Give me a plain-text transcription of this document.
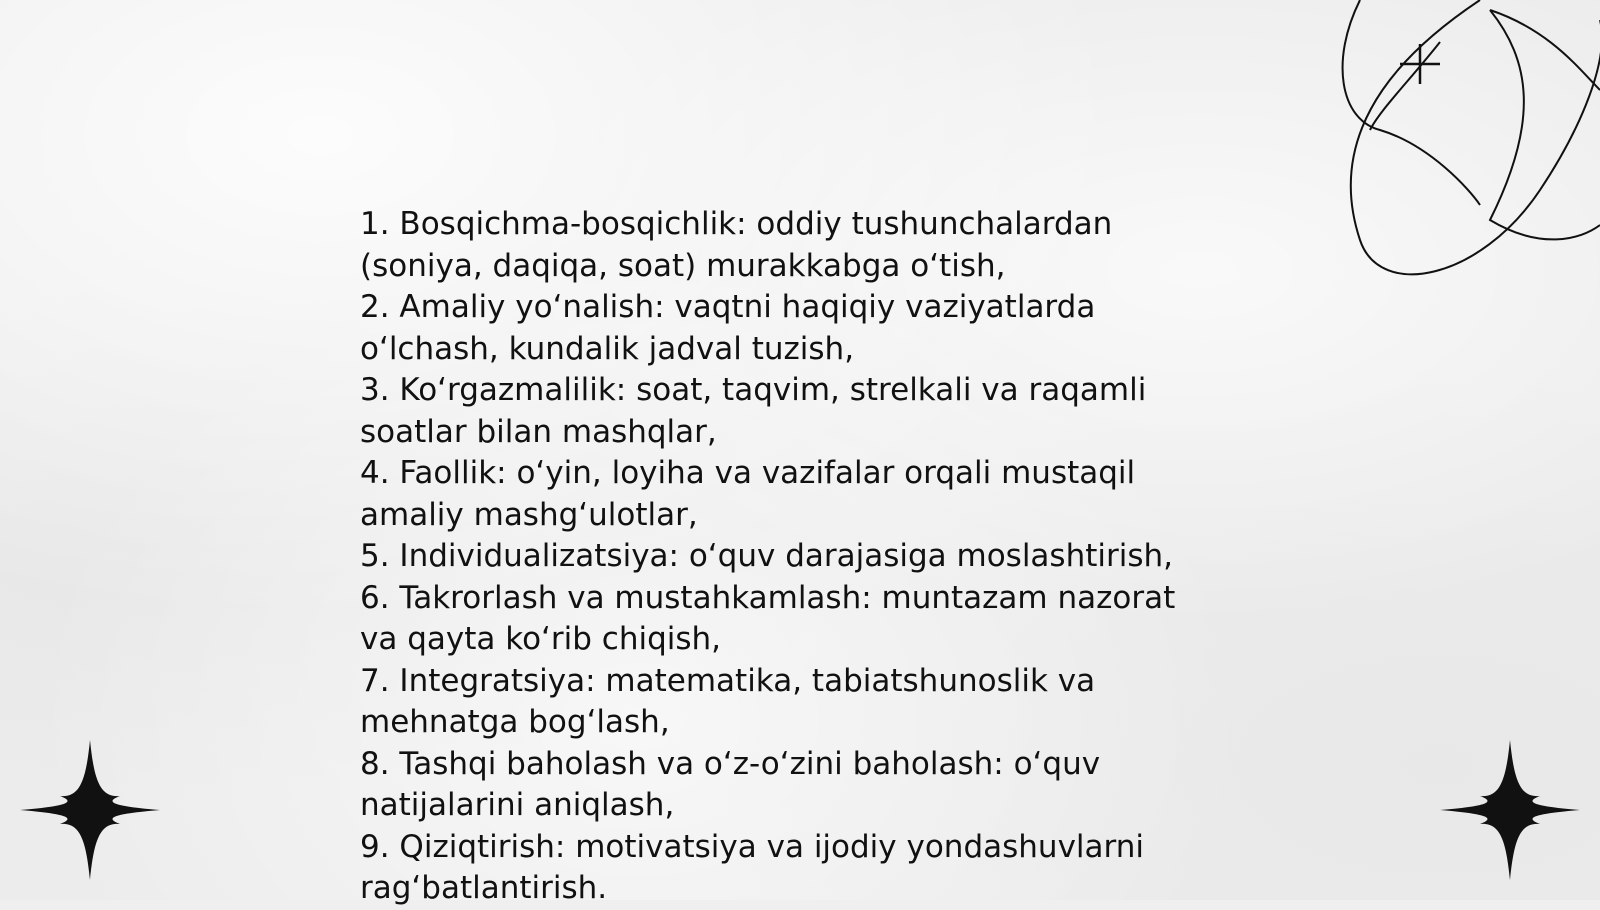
1. Bosqichma-bosqichlik: oddiy tushunchalardan
(soniya, daqiqa, soat) murakkabga o‘tish,
2. Amaliy yo‘nalish: vaqtni haqiqiy vaziyatlarda
o‘lchash, kundalik jadval tuzish,
3. Ko‘rgazmalilik: soat, taqvim, strelkali va raqamli
soatlar bilan mashqlar,
4. Faollik: o‘yin, loyiha va vazifalar orqali mustaqil
amaliy mashg‘ulotlar,
5. Individualizatsiya: o‘quv darajasiga moslashtirish,
6. Takrorlash va mustahkamlash: muntazam nazorat
va qayta ko‘rib chiqish,
7. Integratsiya: matematika, tabiatshunoslik va
mehnatga bog‘lash,
8. Tashqi baholash va o‘z-o‘zini baholash: o‘quv
natijalarini aniqlash,
9. Qiziqtirish: motivatsiya va ijodiy yondashuvlarni
rag‘batlantirish.
